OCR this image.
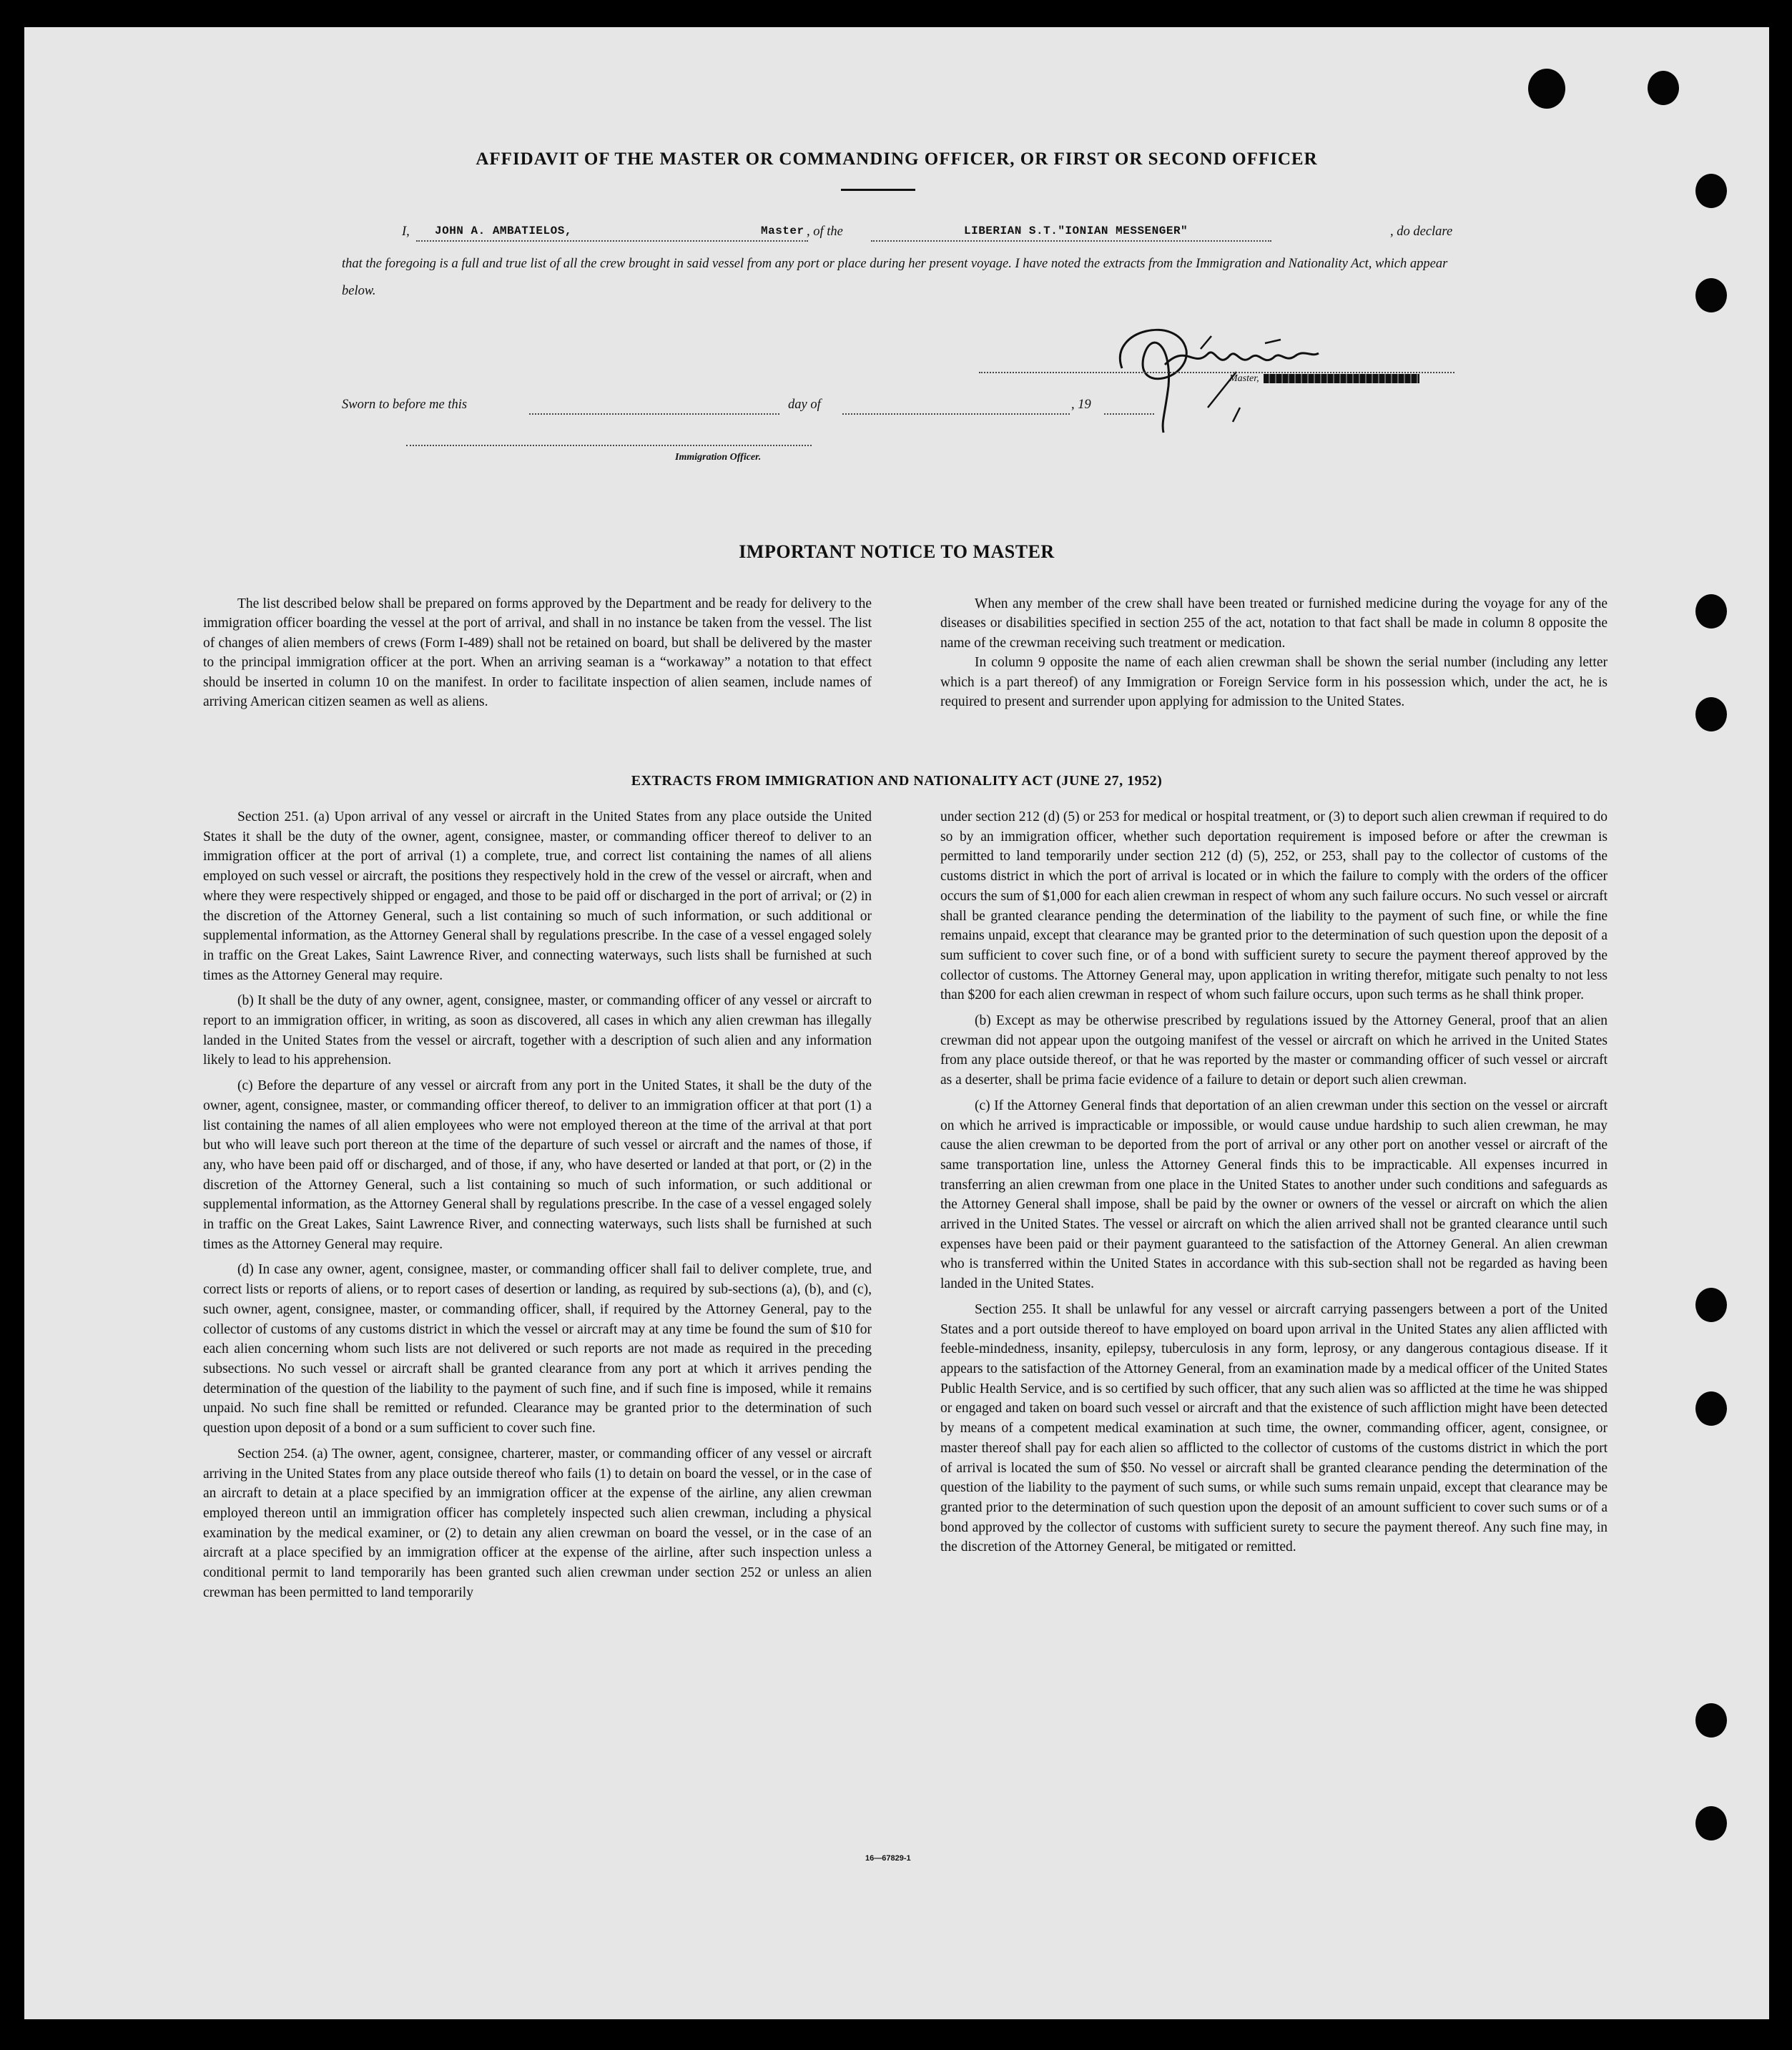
AFFIDAVIT OF THE MASTER OR COMMANDING OFFICER, OR FIRST OR SECOND OFFICER
I, JOHN A. AMBATIELOS,	Master , of the	LIBERIAN S.T."IONIAN MESSENGER"	, do declare
that the foregoing is a full and true list of all the crew brought in said vessel from any port or place during her present voyage. I have noted the extracts from the Immigration and Nationality Act, which appear below.
Master,
Sworn to before me this	day of	, 19
Immigration Officer.
IMPORTANT NOTICE TO MASTER

The list described below shall be prepared on forms approved by the Department and be ready for delivery to the immigration officer boarding the vessel at the port of arrival, and shall in no instance be taken from the vessel. The list of changes of alien members of crews (Form I-489) shall not be retained on board, but shall be delivered by the master to the principal immigration officer at the port. When an arriving seaman is a “workaway” a notation to that effect should be inserted in column 10 on the manifest. In order to facilitate inspection of alien seamen, include names of arriving American citizen seamen as well as aliens.

When any member of the crew shall have been treated or furnished medicine during the voyage for any of the diseases or disabilities specified in section 255 of the act, notation to that fact shall be made in column 8 opposite the name of the crewman receiving such treatment or medication.

In column 9 opposite the name of each alien crewman shall be shown the serial number (including any letter which is a part thereof) of any Immigration or Foreign Service form in his possession which, under the act, he is required to present and surrender upon applying for admission to the United States.

EXTRACTS FROM IMMIGRATION AND NATIONALITY ACT (JUNE 27, 1952)

Section 251. (a) Upon arrival of any vessel or aircraft in the United States from any place outside the United States it shall be the duty of the owner, agent, consignee, master, or commanding officer thereof to deliver to an immigration officer at the port of arrival (1) a complete, true, and correct list containing the names of all aliens employed on such vessel or aircraft, the positions they respectively hold in the crew of the vessel or aircraft, when and where they were respectively shipped or engaged, and those to be paid off or discharged in the port of arrival; or (2) in the discretion of the Attorney General, such a list containing so much of such information, or such additional or supplemental information, as the Attorney General shall by regulations prescribe. In the case of a vessel engaged solely in traffic on the Great Lakes, Saint Lawrence River, and connecting waterways, such lists shall be furnished at such times as the Attorney General may require.

(b) It shall be the duty of any owner, agent, consignee, master, or commanding officer of any vessel or aircraft to report to an immigration officer, in writing, as soon as discovered, all cases in which any alien crewman has illegally landed in the United States from the vessel or aircraft, together with a description of such alien and any information likely to lead to his apprehension.

(c) Before the departure of any vessel or aircraft from any port in the United States, it shall be the duty of the owner, agent, consignee, master, or commanding officer thereof, to deliver to an immigration officer at that port (1) a list containing the names of all alien employees who were not employed thereon at the time of the arrival at that port but who will leave such port thereon at the time of the departure of such vessel or aircraft and the names of those, if any, who have been paid off or discharged, and of those, if any, who have deserted or landed at that port, or (2) in the discretion of the Attorney General, such a list containing so much of such information, or such additional or supplemental information, as the Attorney General shall by regulations prescribe. In the case of a vessel engaged solely in traffic on the Great Lakes, Saint Lawrence River, and connecting waterways, such lists shall be furnished at such times as the Attorney General may require.

(d) In case any owner, agent, consignee, master, or commanding officer shall fail to deliver complete, true, and correct lists or reports of aliens, or to report cases of desertion or landing, as required by sub-sections (a), (b), and (c), such owner, agent, consignee, master, or commanding officer, shall, if required by the Attorney General, pay to the collector of customs of any customs district in which the vessel or aircraft may at any time be found the sum of $10 for each alien concerning whom such lists are not delivered or such reports are not made as required in the preceding subsections. No such vessel or aircraft shall be granted clearance from any port at which it arrives pending the determination of the question of the liability to the payment of such fine, and if such fine is imposed, while it remains unpaid. No such fine shall be remitted or refunded. Clearance may be granted prior to the determination of such question upon deposit of a bond or a sum sufficient to cover such fine.

Section 254. (a) The owner, agent, consignee, charterer, master, or commanding officer of any vessel or aircraft arriving in the United States from any place outside thereof who fails (1) to detain on board the vessel, or in the case of an aircraft to detain at a place specified by an immigration officer at the expense of the airline, any alien crewman employed thereon until an immigration officer has completely inspected such alien crewman, including a physical examination by the medical examiner, or (2) to detain any alien crewman on board the vessel, or in the case of an aircraft at a place specified by an immigration officer at the expense of the airline, after such inspection unless a conditional permit to land temporarily has been granted such alien crewman under section 252 or unless an alien crewman has been permitted to land temporarily

under section 212 (d) (5) or 253 for medical or hospital treatment, or (3) to deport such alien crewman if required to do so by an immigration officer, whether such deportation requirement is imposed before or after the crewman is permitted to land temporarily under section 212 (d) (5), 252, or 253, shall pay to the collector of customs of the customs district in which the port of arrival is located or in which the failure to comply with the orders of the officer occurs the sum of $1,000 for each alien crewman in respect of whom any such failure occurs. No such vessel or aircraft shall be granted clearance pending the determination of the liability to the payment of such fine, or while the fine remains unpaid, except that clearance may be granted prior to the determination of such question upon the deposit of a sum sufficient to cover such fine, or of a bond with sufficient surety to secure the payment thereof approved by the collector of customs. The Attorney General may, upon application in writing therefor, mitigate such penalty to not less than $200 for each alien crewman in respect of whom such failure occurs, upon such terms as he shall think proper.

(b) Except as may be otherwise prescribed by regulations issued by the Attorney General, proof that an alien crewman did not appear upon the outgoing manifest of the vessel or aircraft on which he arrived in the United States from any place outside thereof, or that he was reported by the master or commanding officer of such vessel or aircraft as a deserter, shall be prima facie evidence of a failure to detain or deport such alien crewman.

(c) If the Attorney General finds that deportation of an alien crewman under this section on the vessel or aircraft on which he arrived is impracticable or impossible, or would cause undue hardship to such alien crewman, he may cause the alien crewman to be deported from the port of arrival or any other port on another vessel or aircraft of the same transportation line, unless the Attorney General finds this to be impracticable. All expenses incurred in transferring an alien crewman from one place in the United States to another under such conditions and safeguards as the Attorney General shall impose, shall be paid by the owner or owners of the vessel or aircraft on which the alien arrived in the United States. The vessel or aircraft on which the alien arrived shall not be granted clearance until such expenses have been paid or their payment guaranteed to the satisfaction of the Attorney General. An alien crewman who is transferred within the United States in accordance with this sub-section shall not be regarded as having been landed in the United States.

Section 255. It shall be unlawful for any vessel or aircraft carrying passengers between a port of the United States and a port outside thereof to have employed on board upon arrival in the United States any alien afflicted with feeble-mindedness, insanity, epilepsy, tuberculosis in any form, leprosy, or any dangerous contagious disease. If it appears to the satisfaction of the Attorney General, from an examination made by a medical officer of the United States Public Health Service, and is so certified by such officer, that any such alien was so afflicted at the time he was shipped or engaged and taken on board such vessel or aircraft and that the existence of such affliction might have been detected by means of a competent medical examination at such time, the owner, commanding officer, agent, consignee, or master thereof shall pay for each alien so afflicted to the collector of customs of the customs district in which the port of arrival is located the sum of $50. No vessel or aircraft shall be granted clearance pending the determination of the question of the liability to the payment of such sums, or while such sums remain unpaid, except that clearance may be granted prior to the determination of such question upon the deposit of an amount sufficient to cover such sums or of a bond approved by the collector of customs with sufficient surety to secure the payment thereof. Any such fine may, in the discretion of the Attorney General, be mitigated or remitted.

16—67829-1
